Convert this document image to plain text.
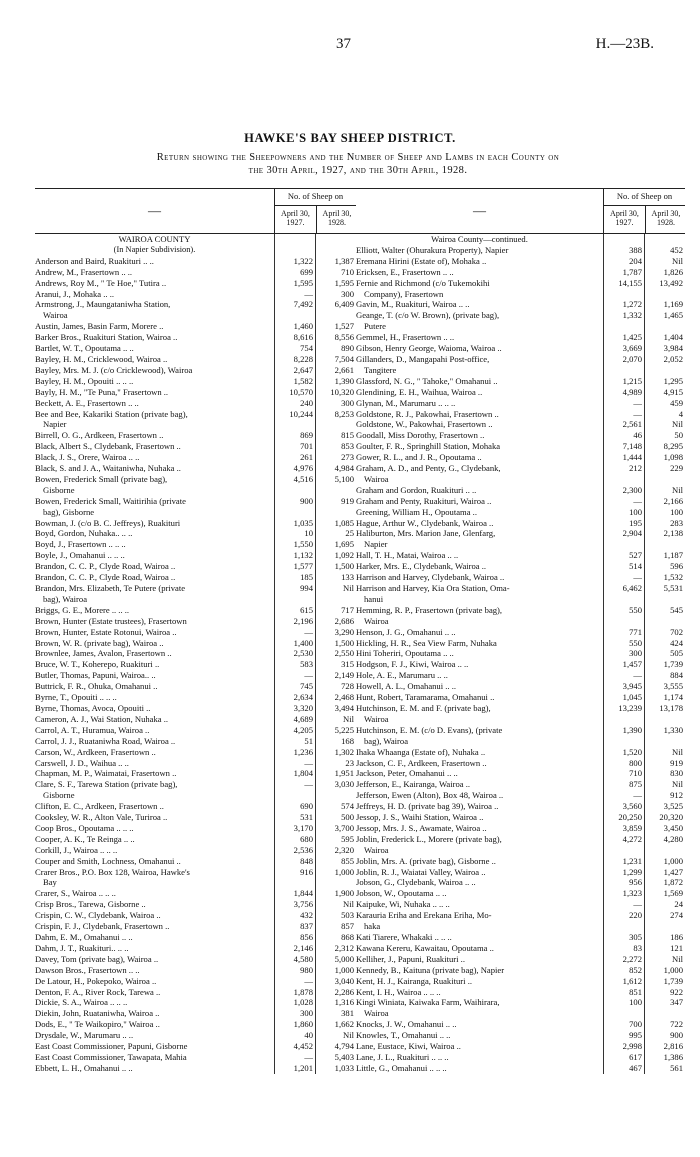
37	H.—23B.
HAWKE'S BAY SHEEP DISTRICT.
Return showing the Sheepowners and the Number of Sheep and Lambs in each County on
the 30th April, 1927, and the 30th April, 1928.
—
No. of Sheep on
April 30, 1927.
April 30, 1928.
WAIROA COUNTY
(In Napier Subdivision).
Anderson and Baird, Ruakituri .. ..	1,322	1,387
Andrew, M., Frasertown .. ..	699	710
Andrews, Roy M., " Te Hoe," Tutira ..	1,595	1,595
Aranui, J., Mohaka .. ..	—	300
Armstrong, J., Maungataniwha Station,	7,492	6,409
Wairoa
Austin, James, Basin Farm, Morere ..	1,460	1,527
Barker Bros., Ruakituri Station, Wairoa ..	8,616	8,556
Bartlet, W. T., Opoutama .. ..	754	890
Bayley, H. M., Cricklewood, Wairoa ..	8,228	7,504
Bayley, Mrs. M. J. (c/o Cricklewood), Wairoa	2,647	2,661
Bayley, H. M., Opouiti .. .. ..	1,582	1,390
Bayly, H. M., "Te Puna," Frasertown ..	10,570	10,320
Beckett, A. E., Frasertown .. ..	240	300
Bee and Bee, Kakariki Station (private bag),	10,244	8,253
Napier
Birrell, O. G., Ardkeen, Frasertown ..	869	815
Black, Albert S., Clydebank, Frasertown ..	701	853
Black, J. S., Orere, Wairoa .. ..	261	273
Black, S. and J. A., Waitaniwha, Nuhaka ..	4,976	4,984
Bowen, Frederick Small (private bag),	4,516	5,100
Gisborne
Bowen, Frederick Small, Waitirihia (private	900	919
bag), Gisborne
Bowman, J. (c/o B. C. Jeffreys), Ruakituri	1,035	1,085
Boyd, Gordon, Nuhaka.. .. ..	10	25
Boyd, J., Frasertown .. .. ..	1,550	1,695
Boyle, J., Omahanui .. .. ..	1,132	1,092
Brandon, C. C. P., Clyde Road, Wairoa ..	1,577	1,500
Brandon, C. C. P., Clyde Road, Wairoa ..	185	133
Brandon, Mrs. Elizabeth, Te Putere (private	994	Nil
bag), Wairoa
Briggs, G. E., Morere .. .. ..	615	717
Brown, Hunter (Estate trustees), Frasertown	2,196	2,686
Brown, Hunter, Estate Rotonui, Wairoa ..	—	3,290
Brown, W. R. (private bag), Wairoa ..	1,400	1,500
Brownlee, James, Avalon, Frasertown ..	2,530	2,550
Bruce, W. T., Koherepo, Ruakituri ..	583	315
Butler, Thomas, Papuni, Wairoa.. ..	—	2,149
Buttrick, F. R., Ohuka, Omahanui ..	745	728
Byrne, T., Opouiti .. .. ..	2,634	2,468
Byrne, Thomas, Avoca, Opouiti ..	3,320	3,494
Cameron, A. J., Wai Station, Nuhaka ..	4,689	Nil
Carrol, A. T., Huramua, Wairoa ..	4,205	5,225
Carrol, J. J., Ruataniwha Road, Wairoa ..	51	168
Carson, W., Ardkeen, Frasertown ..	1,236	1,302
Carswell, J. D., Waihua .. ..	—	23
Chapman, M. P., Waimatai, Frasertown ..	1,804	1,951
Clare, S. F., Tarewa Station (private bag),	—	3,030
Gisborne
Clifton, E. C., Ardkeen, Frasertown ..	690	574
Cooksley, W. R., Alton Vale, Turiroa ..	531	500
Coop Bros., Opoutama .. .. ..	3,170	3,700
Cooper, A. K., Te Reinga .. ..	680	595
Corkill, J., Wairoa .. .. ..	2,536	2,320
Couper and Smith, Lochness, Omahanui ..	848	855
Crarer Bros., P.O. Box 128, Wairoa, Hawke's	916	1,000
Bay
Crarer, S., Wairoa .. .. ..	1,844	1,900
Crisp Bros., Tarewa, Gisborne ..	3,756	Nil
Crispin, C. W., Clydebank, Wairoa ..	432	503
Crispin, F. J., Clydebank, Frasertown ..	837	857
Dahm, E. M., Omahanui .. ..	856	868
Dahm, J. T., Ruakituri.. .. ..	2,146	2,312
Davey, Tom (private bag), Wairoa ..	4,580	5,000
Dawson Bros., Frasertown .. ..	980	1,000
De Latour, H., Pokepoko, Wairoa ..	—	3,040
Denton, F. A., River Rock, Tarewa ..	1,878	2,286
Dickie, S. A., Wairoa .. .. ..	1,028	1,316
Diekin, John, Ruataniwha, Wairoa ..	300	381
Dods, E., " Te Waikopiro," Wairoa ..	1,860	1,662
Drysdale, W., Marumaru .. ..	40	Nil
East Coast Commissioner, Papuni, Gisborne	4,452	4,794
East Coast Commissioner, Tawapata, Mahia	—	5,403
Ebbett, L. H., Omahanui .. ..	1,201	1,033
—
No. of Sheep on
April 30, 1927.
April 30, 1928.
Wairoa County—continued.
Elliott, Walter (Ohurakura Property), Napier	388	452
Eremana Hirini (Estate of), Mohaka ..	204	Nil
Ericksen, E., Frasertown .. ..	1,787	1,826
Fernie and Richmond (c/o Tukemokihi	14,155	13,492
Company), Frasertown
Gavin, M., Ruakituri, Wairoa .. ..	1,272	1,169
Geange, T. (c/o W. Brown), (private bag),	1,332	1,465
Putere
Gemmel, H., Frasertown .. ..	1,425	1,404
Gibson, Henry George, Waioma, Wairoa ..	3,669	3,984
Gillanders, D., Mangapahi Post-office,	2,070	2,052
Tangitere
Glassford, N. G., " Tahoke," Omahanui ..	1,215	1,295
Glendining, E. H., Waihua, Wairoa ..	4,989	4,915
Glynan, M., Marumaru .. .. ..	—	459
Goldstone, R. J., Pakowhai, Frasertown ..	—	4
Goldstone, W., Pakowhai, Frasertown ..	2,561	Nil
Goodall, Miss Dorothy, Frasertown ..	46	50
Goulter, F. R., Springhill Station, Mohaka	7,148	8,295
Gower, R. L., and J. R., Opoutama ..	1,444	1,098
Graham, A. D., and Penty, G., Clydebank,	212	229
Wairoa
Graham and Gordon, Ruakituri .. ..	2,300	Nil
Graham and Penty, Ruakituri, Wairoa ..	—	2,166
Greening, William H., Opoutama ..	100	100
Hague, Arthur W., Clydebank, Wairoa ..	195	283
Haliburton, Mrs. Marion Jane, Glenfarg,	2,904	2,138
Napier
Hall, T. H., Matai, Wairoa .. ..	527	1,187
Harker, Mrs. E., Clydebank, Wairoa ..	514	596
Harrison and Harvey, Clydebank, Wairoa ..	—	1,532
Harrison and Harvey, Kia Ora Station, Oma-	6,462	5,531
hanui
Hemming, R. P., Frasertown (private bag),	550	545
Wairoa
Henson, J. G., Omahanui .. ..	771	702
Hickling, H. R., Sea View Farm, Nuhaka	550	424
Hini Toheriri, Opoutama .. ..	300	505
Hodgson, F. J., Kiwi, Wairoa .. ..	1,457	1,739
Hole, A. E., Marumaru .. ..	—	884
Howell, A. L., Omahanui .. ..	3,945	3,555
Hunt, Robert, Taramarama, Omahanui ..	1,045	1,174
Hutchinson, E. M. and F. (private bag),	13,239	13,178
Wairoa
Hutchinson, E. M. (c/o D. Evans), (private	1,390	1,330
bag), Wairoa
Ihaka Whaanga (Estate of), Nuhaka ..	1,520	Nil
Jackson, C. F., Ardkeen, Frasertown ..	800	919
Jackson, Peter, Omahanui .. ..	710	830
Jefferson, E., Kairanga, Wairoa ..	875	Nil
Jefferson, Ewen (Alton), Box 48, Wairoa ..	—	912
Jeffreys, H. D. (private bag 39), Wairoa ..	3,560	3,525
Jessop, J. S., Waihi Station, Wairoa ..	20,250	20,320
Jessop, Mrs. J. S., Awamate, Wairoa ..	3,859	3,450
Joblin, Frederick L., Morere (private bag),	4,272	4,280
Wairoa
Joblin, Mrs. A. (private bag), Gisborne ..	1,231	1,000
Joblin, R. J., Waiatai Valley, Wairoa ..	1,299	1,427
Jobson, G., Clydebank, Wairoa .. ..	956	1,872
Jobson, W., Opoutama .. ..	1,323	1,569
Kaipuke, Wi, Nuhaka .. .. ..	—	24
Karauria Eriha and Erekana Eriha, Mo-	220	274
haka
Kati Tiarere, Whakaki .. .. ..	305	186
Kawana Kereru, Kawaitau, Opoutama ..	83	121
Kelliher, J., Papuni, Ruakituri ..	2,272	Nil
Kennedy, B., Kaituna (private bag), Napier	852	1,000
Kent, H. J., Kairanga, Ruakituri ..	1,612	1,739
Kent, I. H., Wairoa .. .. ..	851	922
Kingi Winiata, Kaiwaka Farm, Waihirara,	100	347
Wairoa
Knocks, J. W., Omahanui .. ..	700	722
Knowles, T., Omahanui .. ..	995	900
Lane, Eustace, Kiwi, Wairoa ..	2,998	2,816
Lane, J. L., Ruakituri .. .. ..	617	1,386
Little, G., Omahanui .. .. ..	467	561
